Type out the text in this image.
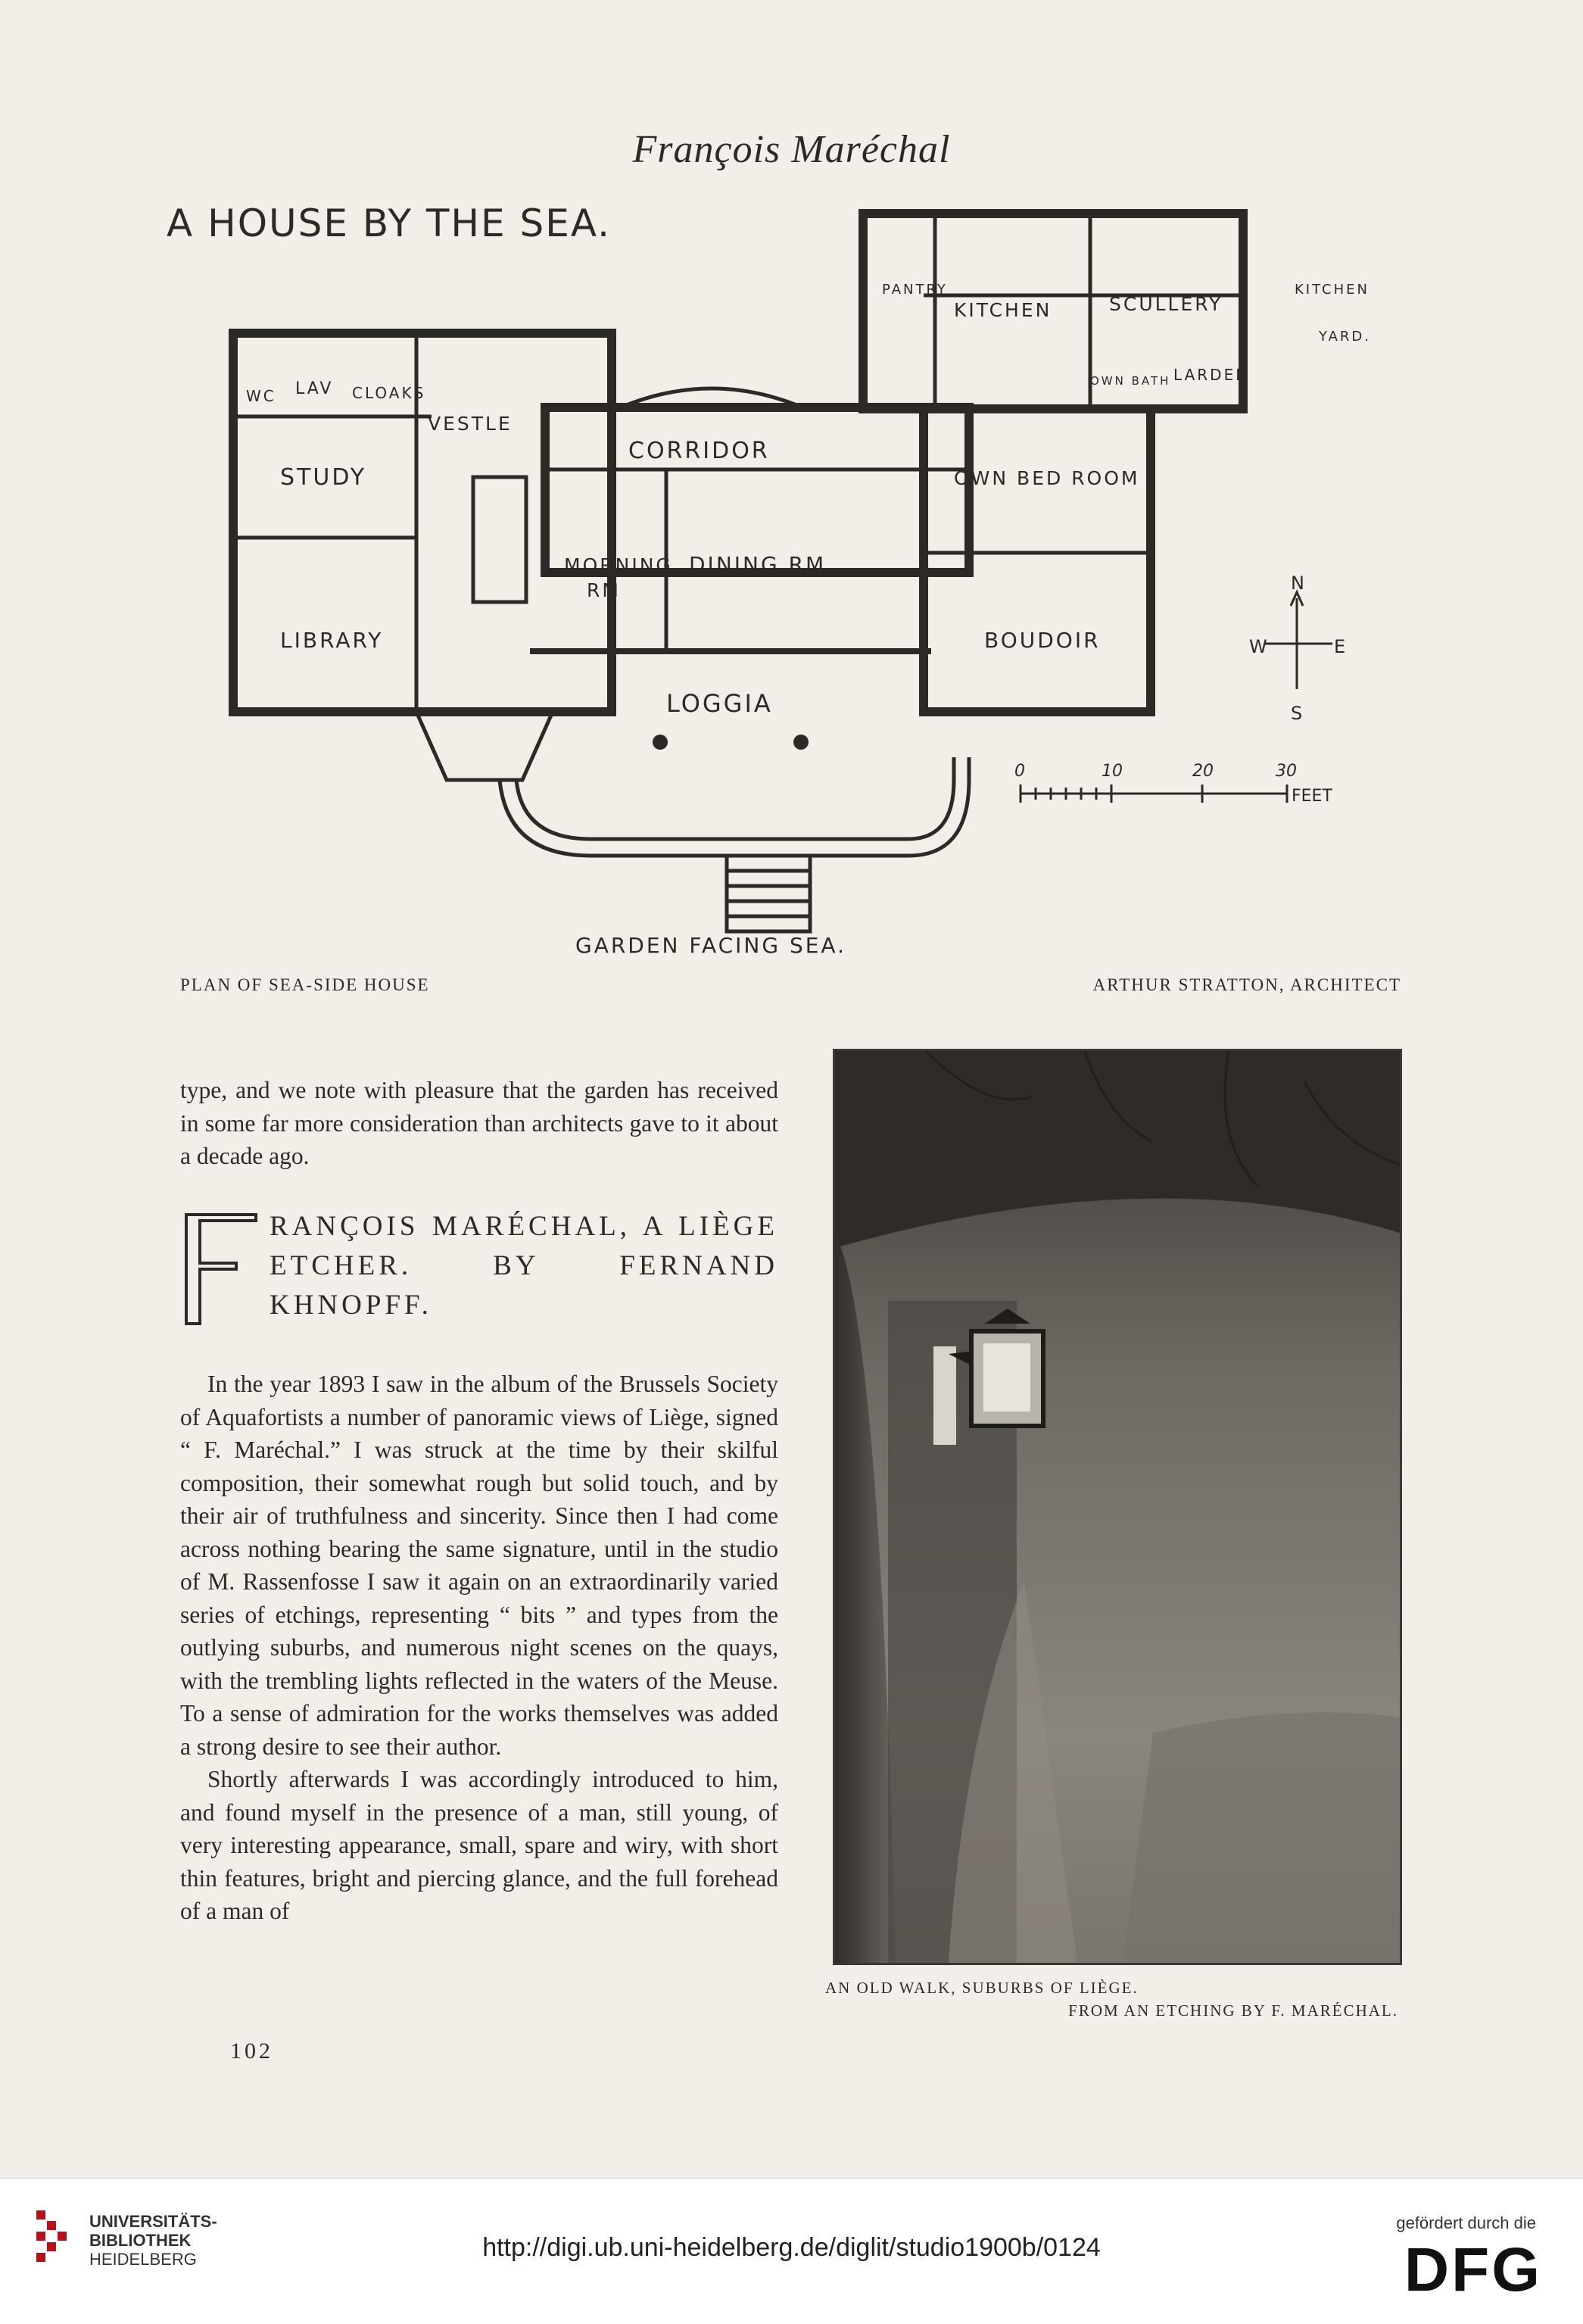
François Maréchal
A HOUSE BY THE SEA.
PANTRY
KITCHEN	SCULLERY
KITCHEN
YARD.
LARDER
OWN BATH
WC LAV CLOAKS
VESTLE
CORRIDOR
OWN BED ROOM
STUDY
MORNING
RM
DINING RM.
LIBRARY	BOUDOIR
LOGGIA
GARDEN FACING SEA.
N
S
W	E
0	10	20	30
FEET
PLAN OF SEA-SIDE HOUSE	ARTHUR STRATTON, ARCHITECT

type, and we note with pleasure that the garden has received in some far more consideration than architects gave to it about a decade ago.

RANÇOIS MARÉCHAL, A LIÈGE ETCHER. BY FERNAND KHNOPFF.

In the year 1893 I saw in the album of the Brussels Society of Aquafortists a number of panoramic views of Liège, signed “ F. Maréchal.” I was struck at the time by their skilful composition, their somewhat rough but solid touch, and by their air of truthfulness and sincerity. Since then I had come across nothing bearing the same signature, until in the studio of M. Rassenfosse I saw it again on an extraordinarily varied series of etchings, representing “ bits ” and types from the outlying suburbs, and numerous night scenes on the quays, with the trembling lights reflected in the waters of the Meuse. To a sense of admiration for the works themselves was added a strong desire to see their author.

Shortly afterwards I was accordingly introduced to him, and found myself in the presence of a man, still young, of very interesting appearance, small, spare and wiry, with short thin features, bright and piercing glance, and the full forehead of a man of

102
AN OLD WALK, SUBURBS OF LIÈGE.
FROM AN ETCHING BY F. MARÉCHAL.
UNIVERSITÄTS-
BIBLIOTHEK
HEIDELBERG	http://digi.ub.uni-heidelberg.de/diglit/studio1900b/0124
gefördert durch die
DFG
